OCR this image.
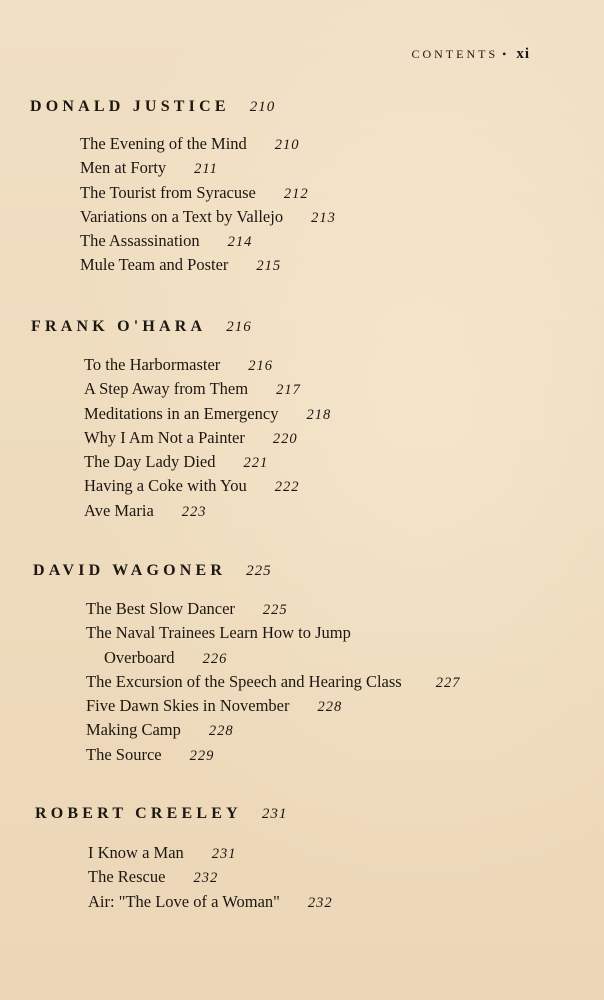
CONTENTS • xi
DONALD JUSTICE 210
The Evening of the Mind 210
Men at Forty 211
The Tourist from Syracuse 212
Variations on a Text by Vallejo 213
The Assassination 214
Mule Team and Poster 215
FRANK O'HARA 216
To the Harbormaster 216
A Step Away from Them 217
Meditations in an Emergency 218
Why I Am Not a Painter 220
The Day Lady Died 221
Having a Coke with You 222
Ave Maria 223
DAVID WAGONER 225
The Best Slow Dancer 225
The Naval Trainees Learn How to Jump
Overboard 226
The Excursion of the Speech and Hearing Class 227
Five Dawn Skies in November 228
Making Camp 228
The Source 229
ROBERT CREELEY 231
I Know a Man 231
The Rescue 232
Air: "The Love of a Woman" 232
